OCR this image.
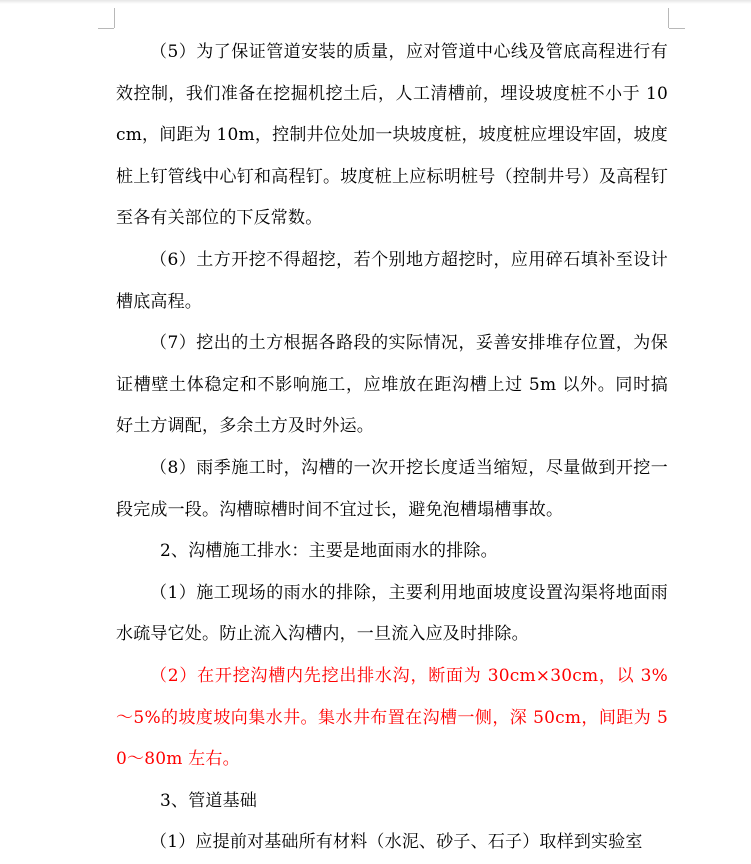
（5）为了保证管道安装的质量，应对管道中心线及管底高程进行有效控制，我们准备在挖掘机挖土后，人工清槽前，埋设坡度桩不小于 10cm，间距为 10m，控制井位处加一块坡度桩，坡度桩应埋设牢固，坡度桩上钉管线中心钉和高程钉。坡度桩上应标明桩号（控制井号）及高程钉至各有关部位的下反常数。

（6）土方开挖不得超挖，若个别地方超挖时，应用碎石填补至设计槽底高程。

（7）挖出的土方根据各路段的实际情况，妥善安排堆存位置，为保证槽壁土体稳定和不影响施工，应堆放在距沟槽上过 5m 以外。同时搞好土方调配，多余土方及时外运。

（8）雨季施工时，沟槽的一次开挖长度适当缩短，尽量做到开挖一段完成一段。沟槽晾槽时间不宜过长，避免泡槽塌槽事故。

2、沟槽施工排水：主要是地面雨水的排除。

（1）施工现场的雨水的排除，主要利用地面坡度设置沟渠将地面雨水疏导它处。防止流入沟槽内，一旦流入应及时排除。

（2）在开挖沟槽内先挖出排水沟，断面为 30cm×30cm，以 3%～5%的坡度坡向集水井。集水井布置在沟槽一侧，深 50cm，间距为 50～80m 左右。

3、管道基础

（1）应提前对基础所有材料（水泥、砂子、石子）取样到实验室
